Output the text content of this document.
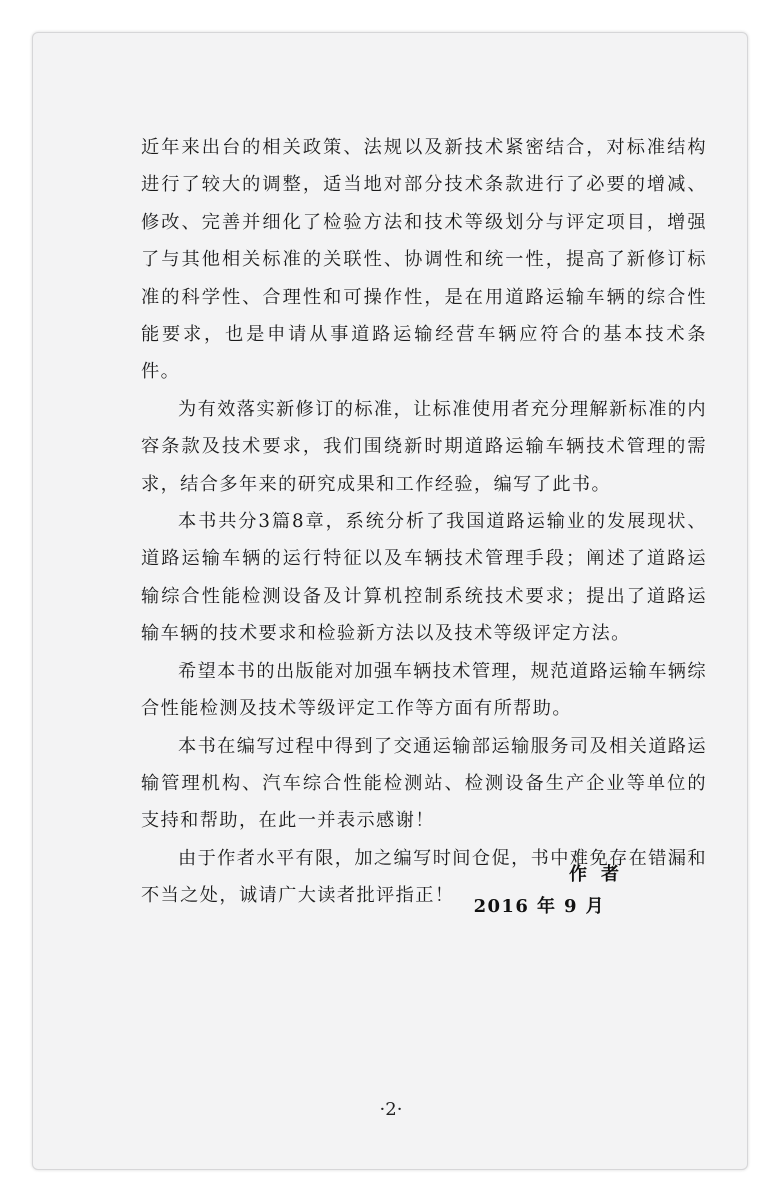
近年来出台的相关政策、法规以及新技术紧密结合，对标准结构进行了较大的调整，适当地对部分技术条款进行了必要的增减、修改、完善并细化了检验方法和技术等级划分与评定项目，增强了与其他相关标准的关联性、协调性和统一性，提高了新修订标准的科学性、合理性和可操作性，是在用道路运输车辆的综合性能要求，也是申请从事道路运输经营车辆应符合的基本技术条件。

为有效落实新修订的标准，让标准使用者充分理解新标准的内容条款及技术要求，我们围绕新时期道路运输车辆技术管理的需求，结合多年来的研究成果和工作经验，编写了此书。

本书共分3篇8章，系统分析了我国道路运输业的发展现状、道路运输车辆的运行特征以及车辆技术管理手段；阐述了道路运输综合性能检测设备及计算机控制系统技术要求；提出了道路运输车辆的技术要求和检验新方法以及技术等级评定方法。

希望本书的出版能对加强车辆技术管理，规范道路运输车辆综合性能检测及技术等级评定工作等方面有所帮助。

本书在编写过程中得到了交通运输部运输服务司及相关道路运输管理机构、汽车综合性能检测站、检测设备生产企业等单位的支持和帮助，在此一并表示感谢！

由于作者水平有限，加之编写时间仓促，书中难免存在错漏和不当之处，诚请广大读者批评指正！

作者
2016 年 9 月
·2·
